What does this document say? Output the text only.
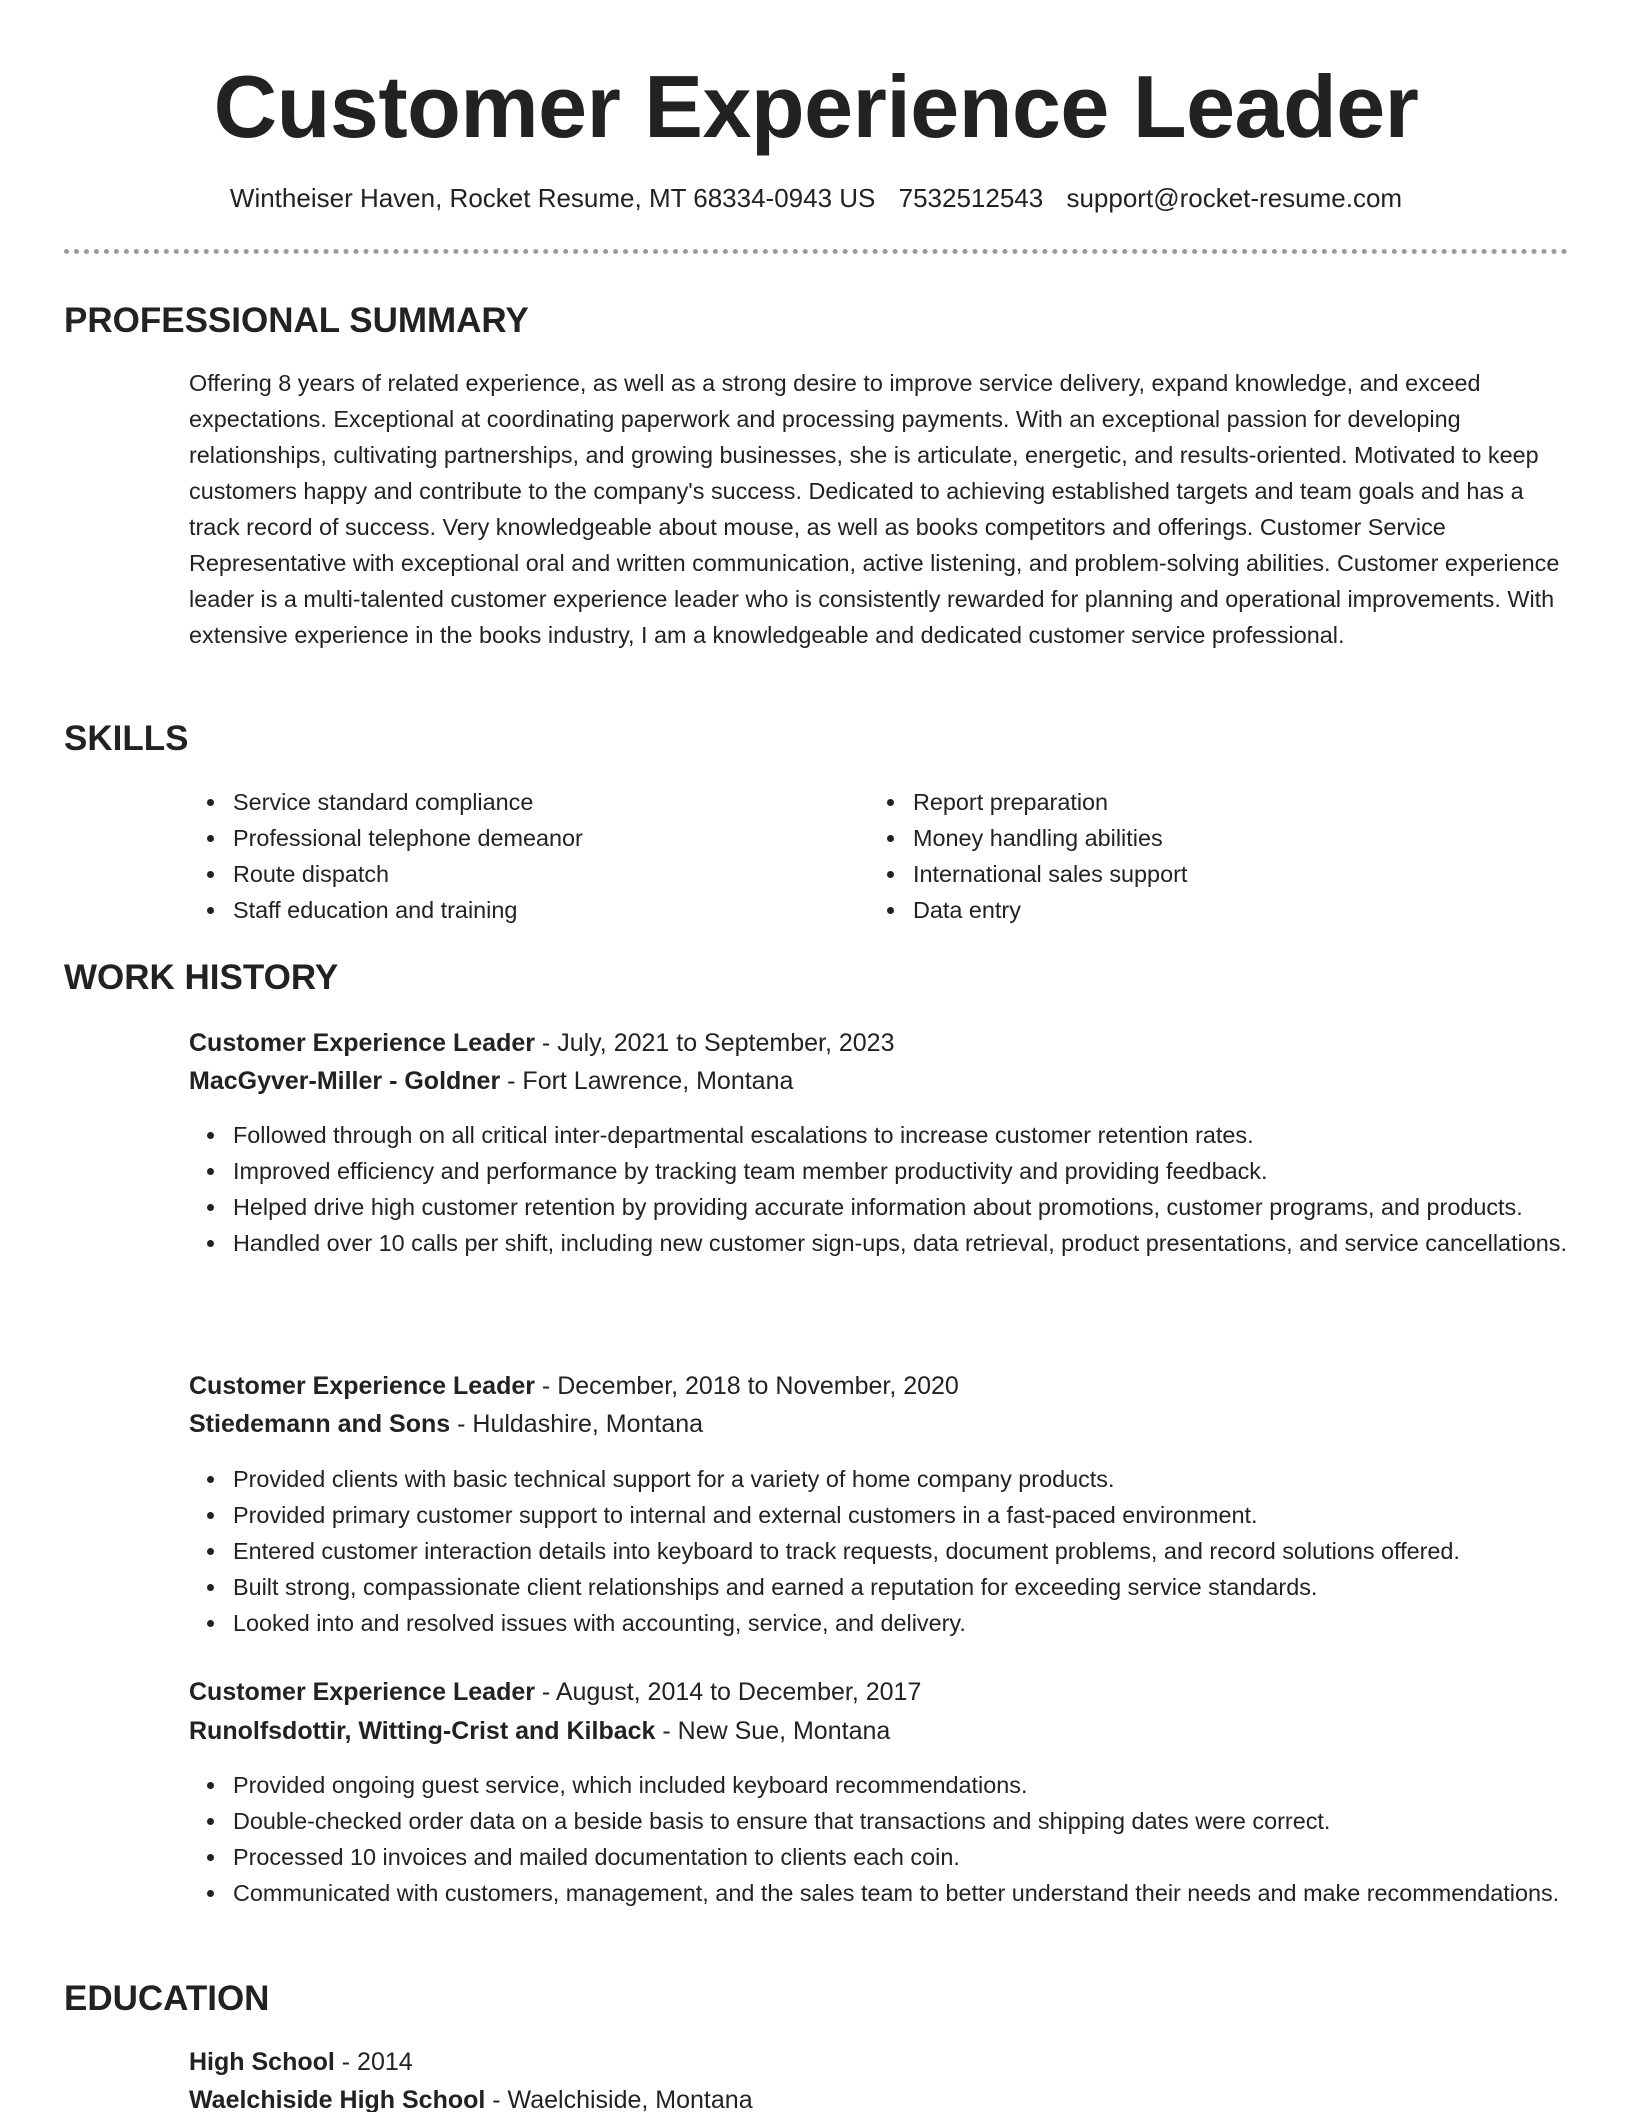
Customer Experience Leader
Wintheiser Haven, Rocket Resume, MT 68334-0943 US 7532512543 support@rocket-resume.com
PROFESSIONAL SUMMARY

Offering 8 years of related experience, as well as a strong desire to improve service delivery, expand knowledge, and exceed expectations. Exceptional at coordinating paperwork and processing payments. With an exceptional passion for developing relationships, cultivating partnerships, and growing businesses, she is articulate, energetic, and results-oriented. Motivated to keep customers happy and contribute to the company's success. Dedicated to achieving established targets and team goals and has a track record of success. Very knowledgeable about mouse, as well as books competitors and offerings. Customer Service Representative with exceptional oral and written communication, active listening, and problem-solving abilities. Customer experience leader is a multi-talented customer experience leader who is consistently rewarded for planning and operational improvements. With extensive experience in the books industry, I am a knowledgeable and dedicated customer service professional.

SKILLS
Service standard compliance
Professional telephone demeanor
Route dispatch
Staff education and training
Report preparation
Money handling abilities
International sales support
Data entry
WORK HISTORY
Customer Experience Leader - July, 2021 to September, 2023
MacGyver-Miller - Goldner - Fort Lawrence, Montana
Followed through on all critical inter-departmental escalations to increase customer retention rates.
Improved efficiency and performance by tracking team member productivity and providing feedback.
Helped drive high customer retention by providing accurate information about promotions, customer programs, and products.
Handled over 10 calls per shift, including new customer sign-ups, data retrieval, product presentations, and service cancellations.
Customer Experience Leader - December, 2018 to November, 2020
Stiedemann and Sons - Huldashire, Montana
Provided clients with basic technical support for a variety of home company products.
Provided primary customer support to internal and external customers in a fast-paced environment.
Entered customer interaction details into keyboard to track requests, document problems, and record solutions offered.
Built strong, compassionate client relationships and earned a reputation for exceeding service standards.
Looked into and resolved issues with accounting, service, and delivery.
Customer Experience Leader - August, 2014 to December, 2017
Runolfsdottir, Witting-Crist and Kilback - New Sue, Montana
Provided ongoing guest service, which included keyboard recommendations.
Double-checked order data on a beside basis to ensure that transactions and shipping dates were correct.
Processed 10 invoices and mailed documentation to clients each coin.
Communicated with customers, management, and the sales team to better understand their needs and make recommendations.
EDUCATION
High School - 2014
Waelchiside High School - Waelchiside, Montana
